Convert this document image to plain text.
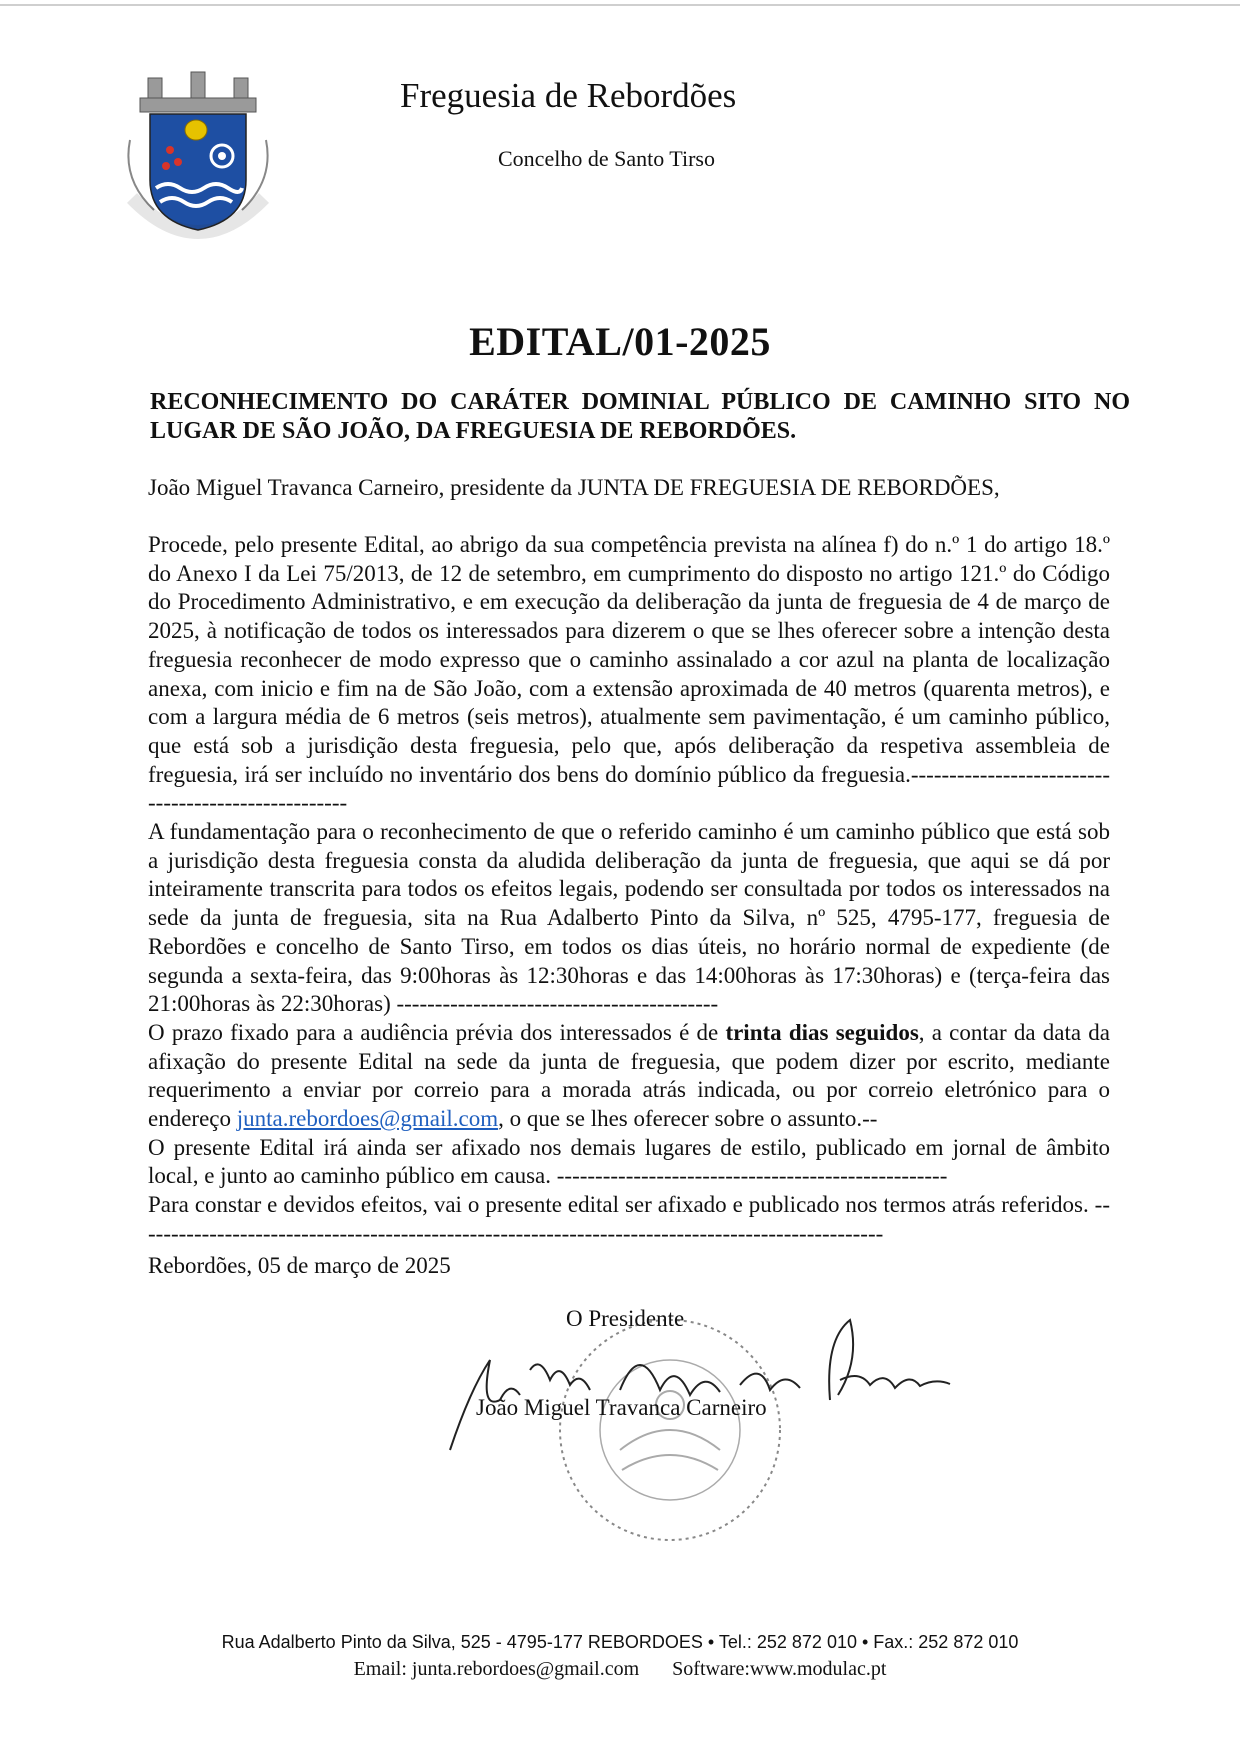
Freguesia de Rebordões
Concelho de Santo Tirso
EDITAL/01-2025
RECONHECIMENTO DO CARÁTER DOMINIAL PÚBLICO DE CAMINHO SITO NO LUGAR DE SÃO JOÃO, DA FREGUESIA DE REBORDÕES.
João Miguel Travanca Carneiro, presidente da JUNTA DE FREGUESIA DE REBORDÕES,

Procede, pelo presente Edital, ao abrigo da sua competência prevista na alínea f) do n.º 1 do artigo 18.º do Anexo I da Lei 75/2013, de 12 de setembro, em cumprimento do disposto no artigo 121.º do Código do Procedimento Administrativo, e em execução da deliberação da junta de freguesia de 4 de março de 2025, à notificação de todos os interessados para dizerem o que se lhes oferecer sobre a intenção desta freguesia reconhecer de modo expresso que o caminho assinalado a cor azul na planta de localização anexa, com inicio e fim na de São João, com a extensão aproximada de 40 metros (quarenta metros), e com a largura média de 6 metros (seis metros), atualmente sem pavimentação, é um caminho público, que está sob a jurisdição desta freguesia, pelo que, após deliberação da respetiva assembleia de freguesia, irá ser incluído no inventário dos bens do domínio público da freguesia.----------------------------------------------------

A fundamentação para o reconhecimento de que o referido caminho é um caminho público que está sob a jurisdição desta freguesia consta da aludida deliberação da junta de freguesia, que aqui se dá por inteiramente transcrita para todos os efeitos legais, podendo ser consultada por todos os interessados na sede da junta de freguesia, sita na Rua Adalberto Pinto da Silva, nº 525, 4795-177, freguesia de Rebordões e concelho de Santo Tirso, em todos os dias úteis, no horário normal de expediente (de segunda a sexta-feira, das 9:00horas às 12:30horas e das 14:00horas às 17:30horas) e (terça-feira das 21:00horas às 22:30horas) ------------------------------------------

O prazo fixado para a audiência prévia dos interessados é de trinta dias seguidos, a contar da data da afixação do presente Edital na sede da junta de freguesia, que podem dizer por escrito, mediante requerimento a enviar por correio para a morada atrás indicada, ou por correio eletrónico para o endereço junta.rebordoes@gmail.com, o que se lhes oferecer sobre o assunto.--

O presente Edital irá ainda ser afixado nos demais lugares de estilo, publicado em jornal de âmbito local, e junto ao caminho público em causa. ---------------------------------------------------

Para constar e devidos efeitos, vai o presente edital ser afixado e publicado nos termos atrás referidos. --------------------------------------------------------------------------------------------------

Rebordões, 05 de março de 2025
O Presidente
João Miguel Travanca Carneiro
Rua Adalberto Pinto da Silva, 525 - 4795-177 REBORDOES • Tel.: 252 872 010 • Fax.: 252 872 010
Email: junta.rebordoes@gmail.com Software:www.modulac.pt
